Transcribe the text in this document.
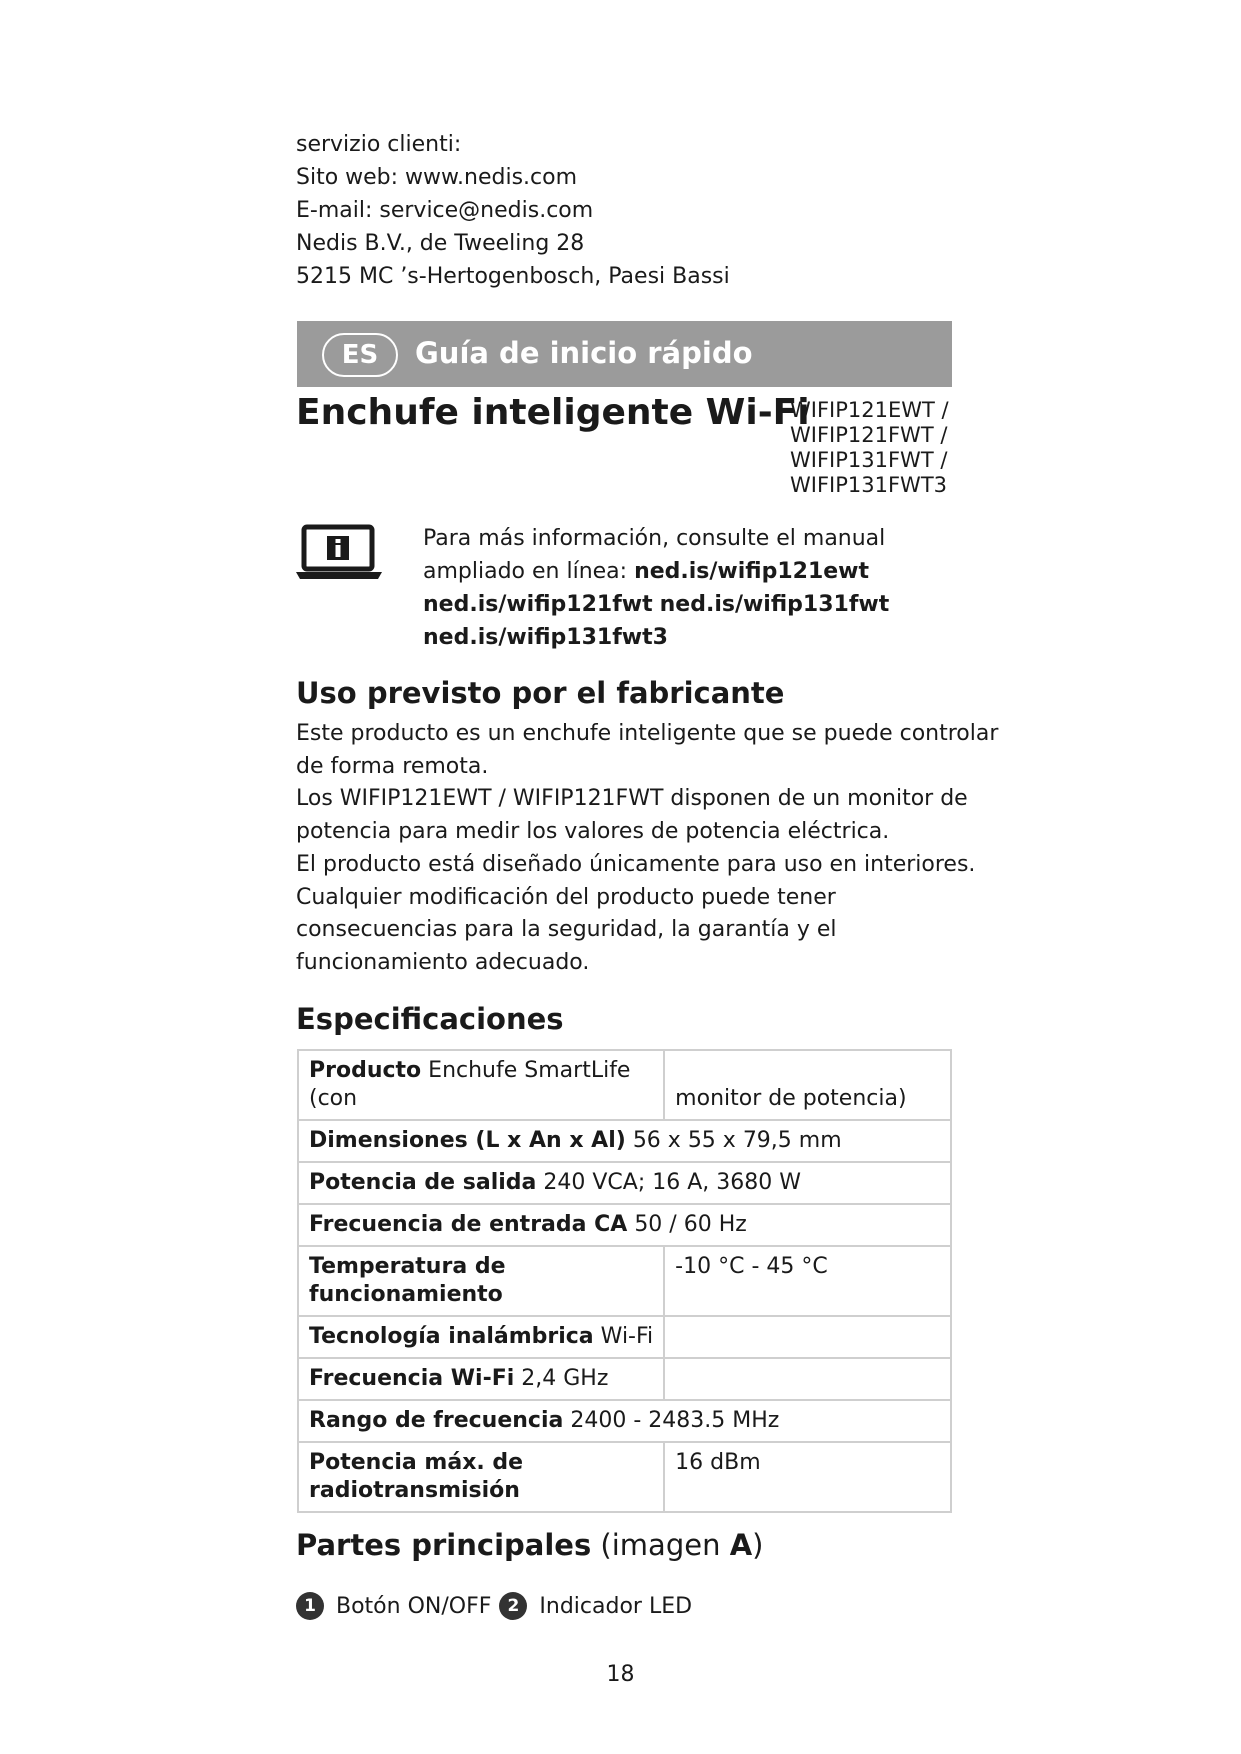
servizio clienti:
Sito web: www.nedis.com
E-mail: service@nedis.com
Nedis B.V., de Tweeling 28
5215 MC ’s-Hertogenbosch, Paesi Bassi
ES	Guía de inicio rápido
Enchufe inteligente Wi-Fi
WIFIP121EWT /
WIFIP121FWT /
WIFIP131FWT /
WIFIP131FWT3
Para más información, consulte el manual
ampliado en línea: ned.is/wifip121ewt
ned.is/wifip121fwt ned.is/wifip131fwt
ned.is/wifip131fwt3
Uso previsto por el fabricante
Este producto es un enchufe inteligente que se puede controlar
de forma remota.
Los WIFIP121EWT / WIFIP121FWT disponen de un monitor de
potencia para medir los valores de potencia eléctrica.
El producto está diseñado únicamente para uso en interiores.
Cualquier modificación del producto puede tener
consecuencias para la seguridad, la garantía y el
funcionamiento adecuado.
Especificaciones
Producto Enchufe SmartLife (con	monitor de potencia)

Dimensiones (L x An x Al) 56 x 55 x 79,5 mm	
Potencia de salida 240 VCA; 16 A, 3680 W	
Frecuencia de entrada CA 50 / 60 Hz	
Temperatura de
funcionamiento	-10 °C - 45 °C
Tecnología inalámbrica Wi-Fi	
Frecuencia Wi-Fi 2,4 GHz	
Rango de frecuencia 2400 - 2483.5 MHz	
Potencia máx. de
radiotransmisión	16 dBm
Partes principales (imagen A)
1 Botón ON/OFF 2 Indicador LED
18
